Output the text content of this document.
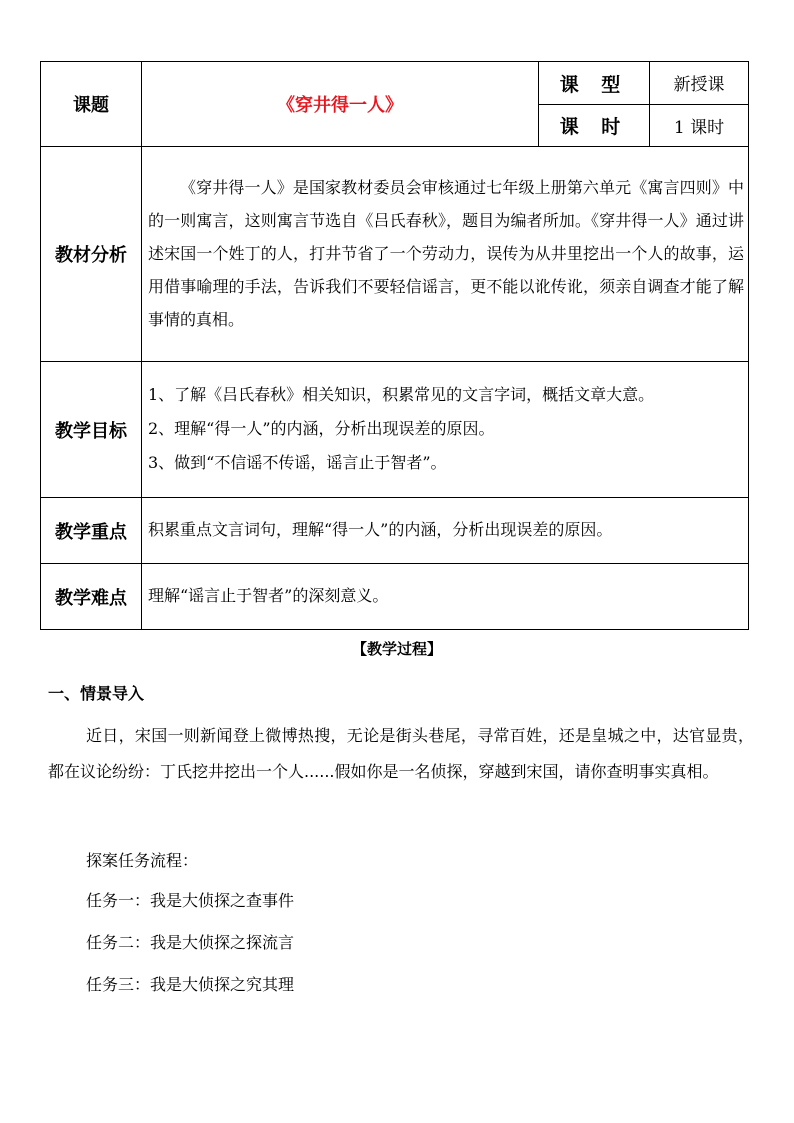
课题	《穿井得一人》	课 型	新授课
		课 时	1 课时
教材分析	《穿井得一人》是国家教材委员会审核通过七年级上册第六单元《寓言四则》中的一则寓言，这则寓言节选自《吕氏春秋》，题目为编者所加。《穿井得一人》通过讲述宋国一个姓丁的人，打井节省了一个劳动力，误传为从井里挖出一个人的故事，运用借事喻理的手法，告诉我们不要轻信谣言，更不能以讹传讹，须亲自调查才能了解事情的真相。		
教学目标	1、了解《吕氏春秋》相关知识，积累常见的文言字词，概括文章大意。

2、理解“得一人”的内涵，分析出现误差的原因。

3、做到“不信谣不传谣，谣言止于智者”。		

教学重点	积累重点文言词句，理解“得一人”的内涵，分析出现误差的原因。		
教学难点	理解“谣言止于智者”的深刻意义。		
【教学过程】
一、情景导入

近日，宋国一则新闻登上微博热搜，无论是街头巷尾，寻常百姓，还是皇城之中，达官显贵，都在议论纷纷：丁氏挖井挖出一个人......假如你是一名侦探，穿越到宋国，请你查明事实真相。

探案任务流程：

任务一：我是大侦探之查事件

任务二：我是大侦探之探流言

任务三：我是大侦探之究其理
